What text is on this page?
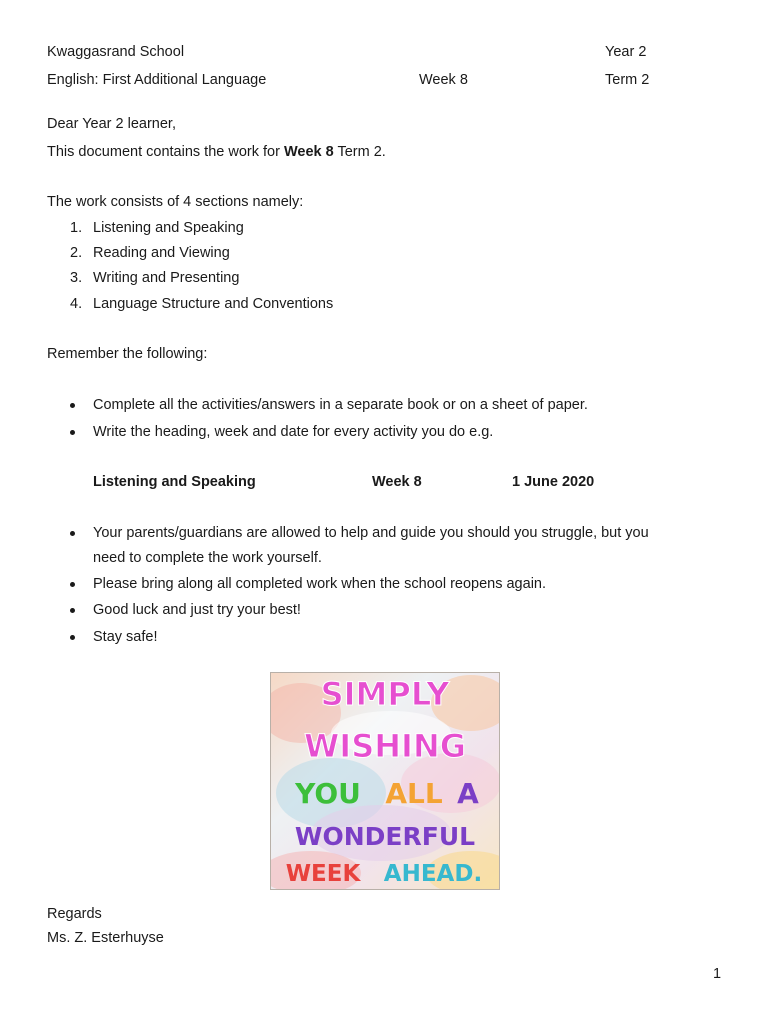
Kwaggasrand School	Year 2
English: First Additional Language	Week 8	Term 2
Dear Year 2 learner,
This document contains the work for Week 8 Term 2.
The work consists of 4 sections namely:
1. Listening and Speaking
2. Reading and Viewing
3. Writing and Presenting
4. Language Structure and Conventions
Remember the following:
Complete all the activities/answers in a separate book or on a sheet of paper.
Write the heading, week and date for every activity you do e.g.
Listening and Speaking	Week 8	1 June 2020
Your parents/guardians are allowed to help and guide you should you struggle, but you
need to complete the work yourself.
Please bring along all completed work when the school reopens again.
Good luck and just try your best!
Stay safe!
SIMPLY
WISHING
YOU ALL A
WONDERFUL
WEEK AHEAD.
Regards
Ms. Z. Esterhuyse
1
